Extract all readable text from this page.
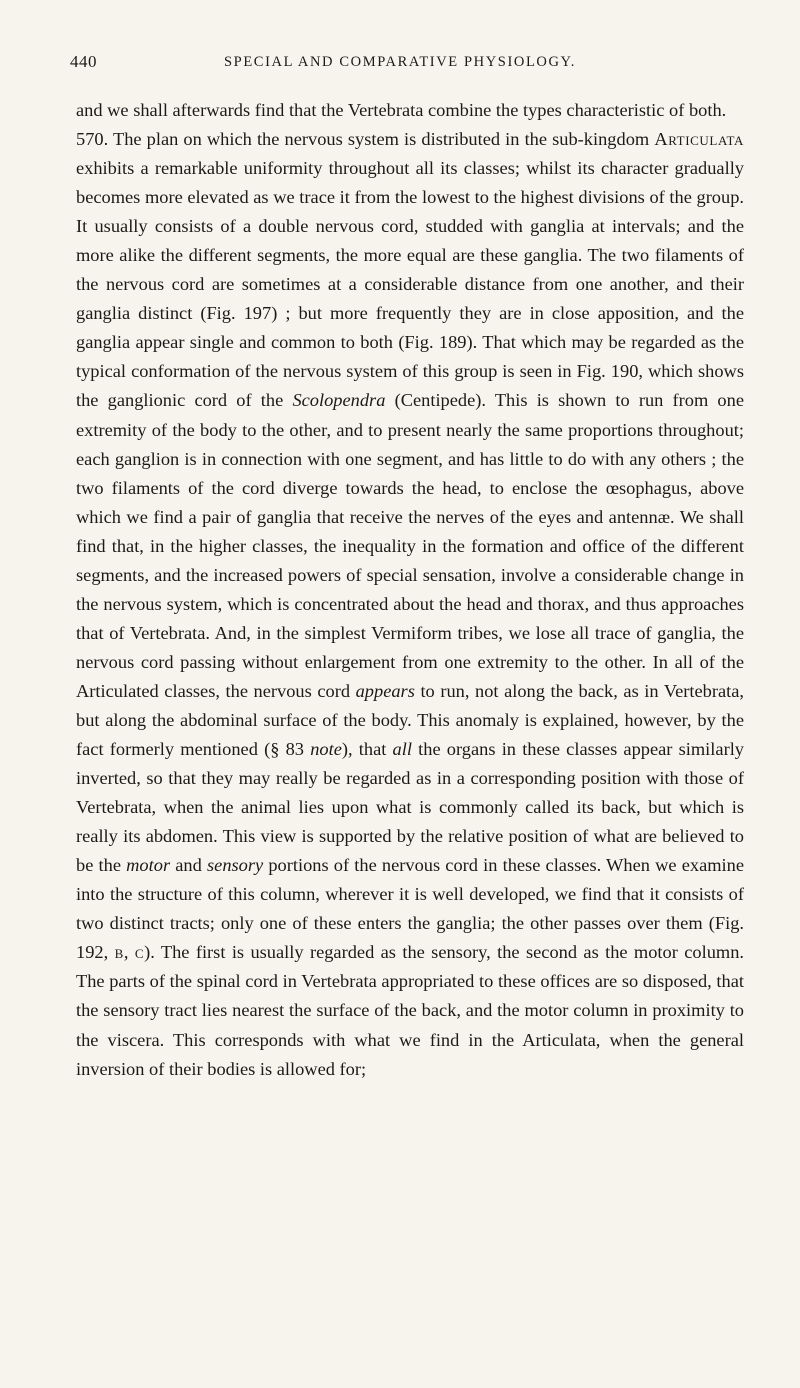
440	SPECIAL AND COMPARATIVE PHYSIOLOGY.

and we shall afterwards find that the Vertebrata combine the types characteristic of both.

570. The plan on which the nervous system is distributed in the sub-kingdom Articulata exhibits a remarkable uniformity throughout all its classes; whilst its character gradually becomes more elevated as we trace it from the lowest to the highest divisions of the group. It usually consists of a double nervous cord, studded with ganglia at intervals; and the more alike the different segments, the more equal are these ganglia. The two filaments of the nervous cord are sometimes at a considerable distance from one another, and their ganglia distinct (Fig. 197) ; but more frequently they are in close apposition, and the ganglia appear single and common to both (Fig. 189). That which may be regarded as the typical conformation of the nervous system of this group is seen in Fig. 190, which shows the ganglionic cord of the Scolopendra (Centipede). This is shown to run from one extremity of the body to the other, and to present nearly the same proportions throughout; each ganglion is in connection with one segment, and has little to do with any others ; the two filaments of the cord diverge towards the head, to enclose the œsophagus, above which we find a pair of ganglia that receive the nerves of the eyes and antennæ. We shall find that, in the higher classes, the inequality in the formation and office of the different segments, and the increased powers of special sensation, involve a considerable change in the nervous system, which is concentrated about the head and thorax, and thus approaches that of Vertebrata. And, in the simplest Vermiform tribes, we lose all trace of ganglia, the nervous cord passing without enlargement from one extremity to the other. In all of the Articulated classes, the nervous cord appears to run, not along the back, as in Vertebrata, but along the abdominal surface of the body. This anomaly is explained, however, by the fact formerly mentioned (§ 83 note), that all the organs in these classes appear similarly inverted, so that they may really be regarded as in a corresponding position with those of Vertebrata, when the animal lies upon what is commonly called its back, but which is really its abdomen. This view is supported by the relative position of what are believed to be the motor and sensory portions of the nervous cord in these classes. When we examine into the structure of this column, wherever it is well developed, we find that it consists of two distinct tracts; only one of these enters the ganglia; the other passes over them (Fig. 192, b, c). The first is usually regarded as the sensory, the second as the motor column. The parts of the spinal cord in Vertebrata appropriated to these offices are so disposed, that the sensory tract lies nearest the surface of the back, and the motor column in proximity to the viscera. This corresponds with what we find in the Articulata, when the general inversion of their bodies is allowed for;
